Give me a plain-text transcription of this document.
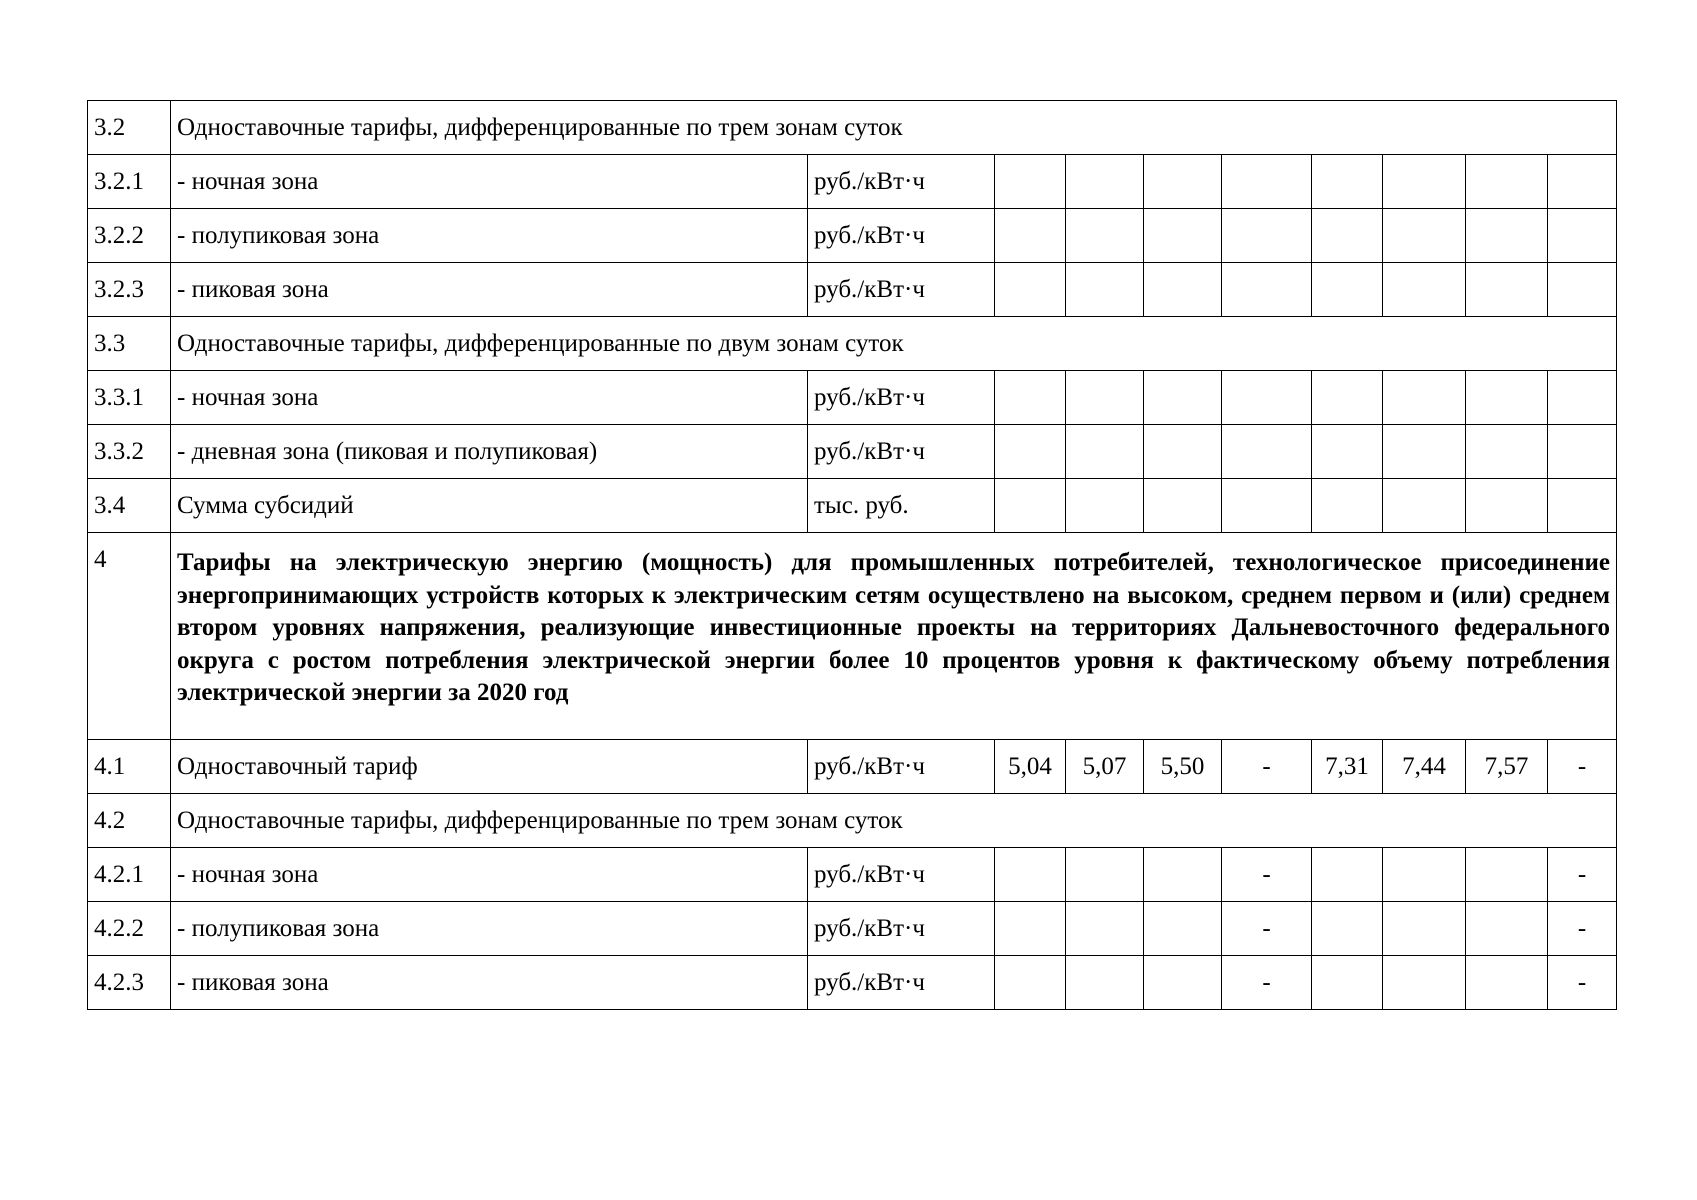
3.2	Одноставочные тарифы, дифференцированные по трем зонам суток									
3.2.1	- ночная зона	руб./кВт·ч								
3.2.2	- полупиковая зона	руб./кВт·ч								
3.2.3	- пиковая зона	руб./кВт·ч								
3.3	Одноставочные тарифы, дифференцированные по двум зонам суток									
3.3.1	- ночная зона	руб./кВт·ч								
3.3.2	- дневная зона (пиковая и полупиковая)	руб./кВт·ч								
3.4	Сумма субсидий	тыс. руб.								
4	Тарифы на электрическую энергию (мощность) для промышленных потребителей, технологическое присоединение энергопринимающих устройств которых к электрическим сетям осуществлено на высоком, среднем первом и (или) среднем втором уровнях напряжения, реализующие инвестиционные проекты на территориях Дальневосточного федерального округа с ростом потребления электрической энергии более 10 процентов уровня к фактическому объему потребления электрической энергии за 2020 год									
4.1	Одноставочный тариф	руб./кВт·ч	5,04	5,07	5,50	-	7,31	7,44	7,57	-
4.2	Одноставочные тарифы, дифференцированные по трем зонам суток									
4.2.1	- ночная зона	руб./кВт·ч				-				-
4.2.2	- полупиковая зона	руб./кВт·ч				-				-
4.2.3	- пиковая зона	руб./кВт·ч				-				-
